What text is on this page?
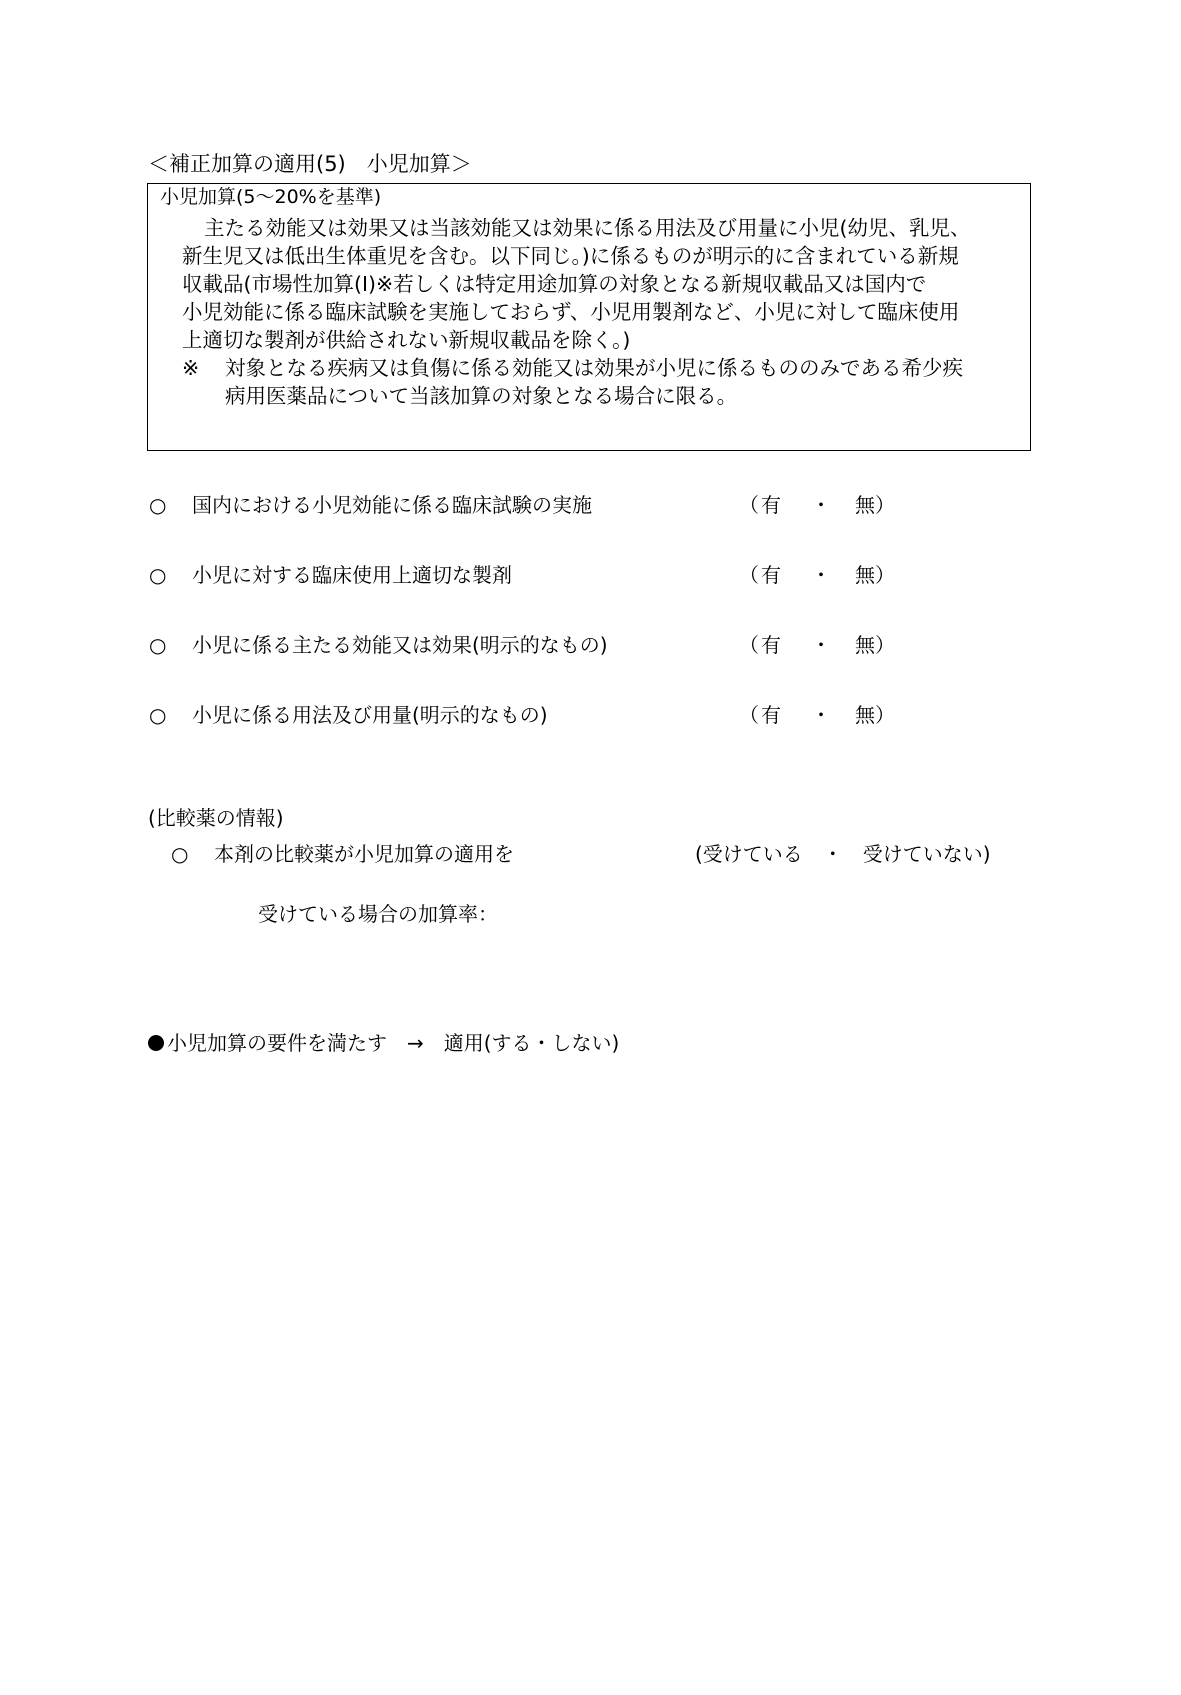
＜補正加算の適用(5)　小児加算＞
小児加算(5～20%を基準)
主たる効能又は効果又は当該効能又は効果に係る用法及び用量に小児(幼児、乳児、
新生児又は低出生体重児を含む。以下同じ。)に係るものが明示的に含まれている新規
収載品(市場性加算(Ⅰ)※若しくは特定用途加算の対象となる新規収載品又は国内で
小児効能に係る臨床試験を実施しておらず、小児用製剤など、小児に対して臨床使用
上適切な製剤が供給されない新規収載品を除く。)
※ 対象となる疾病又は負傷に係る効能又は効果が小児に係るもののみである希少疾
病用医薬品について当該加算の対象となる場合に限る。
○ 国内における小児効能に係る臨床試験の実施	（ 有 ・ 無）
○ 小児に対する臨床使用上適切な製剤	（ 有 ・ 無）
○ 小児に係る主たる効能又は効果(明示的なもの)	（ 有 ・ 無）
○ 小児に係る用法及び用量(明示的なもの)	（ 有 ・ 無）
(比較薬の情報)
○ 本剤の比較薬が小児加算の適用を	(受けている　・　受けていない)
受けている場合の加算率：
小児加算の要件を満たす　→　適用(する・しない)
